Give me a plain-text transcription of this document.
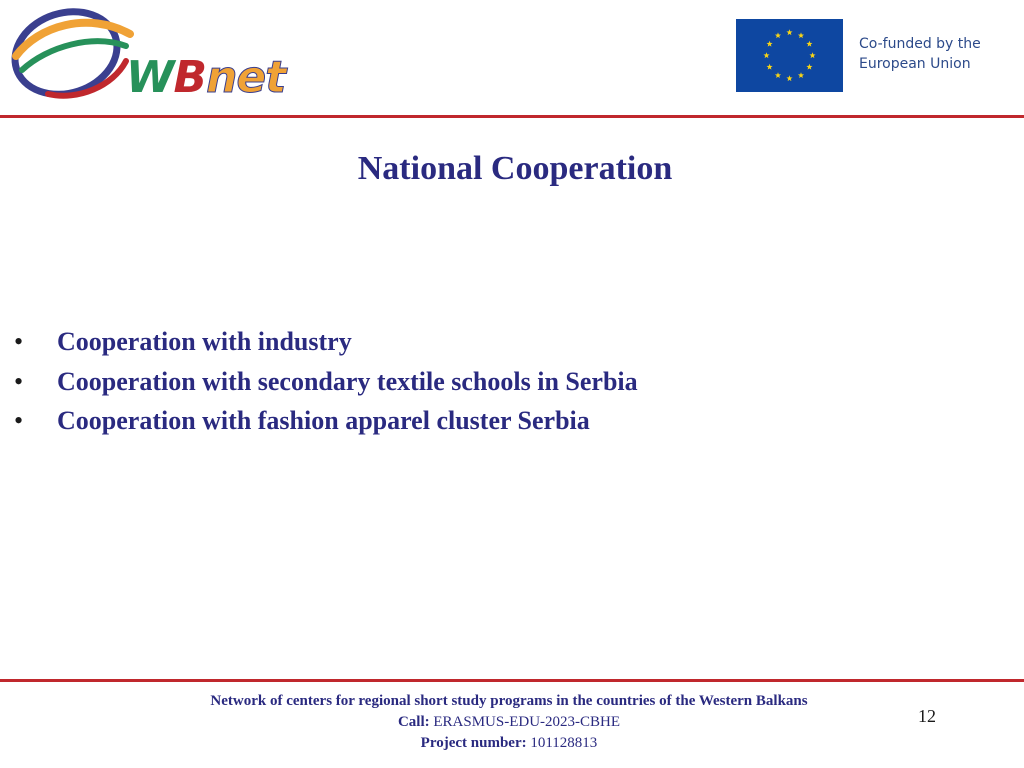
WBnet
Co-funded by the
European Union
National Cooperation
• Cooperation with industry
• Cooperation with secondary textile schools in Serbia
• Cooperation with fashion apparel cluster Serbia
Network of centers for regional short study programs in the countries of the Western Balkans
Call: ERASMUS-EDU-2023-CBHE
Project number: 101128813
12
